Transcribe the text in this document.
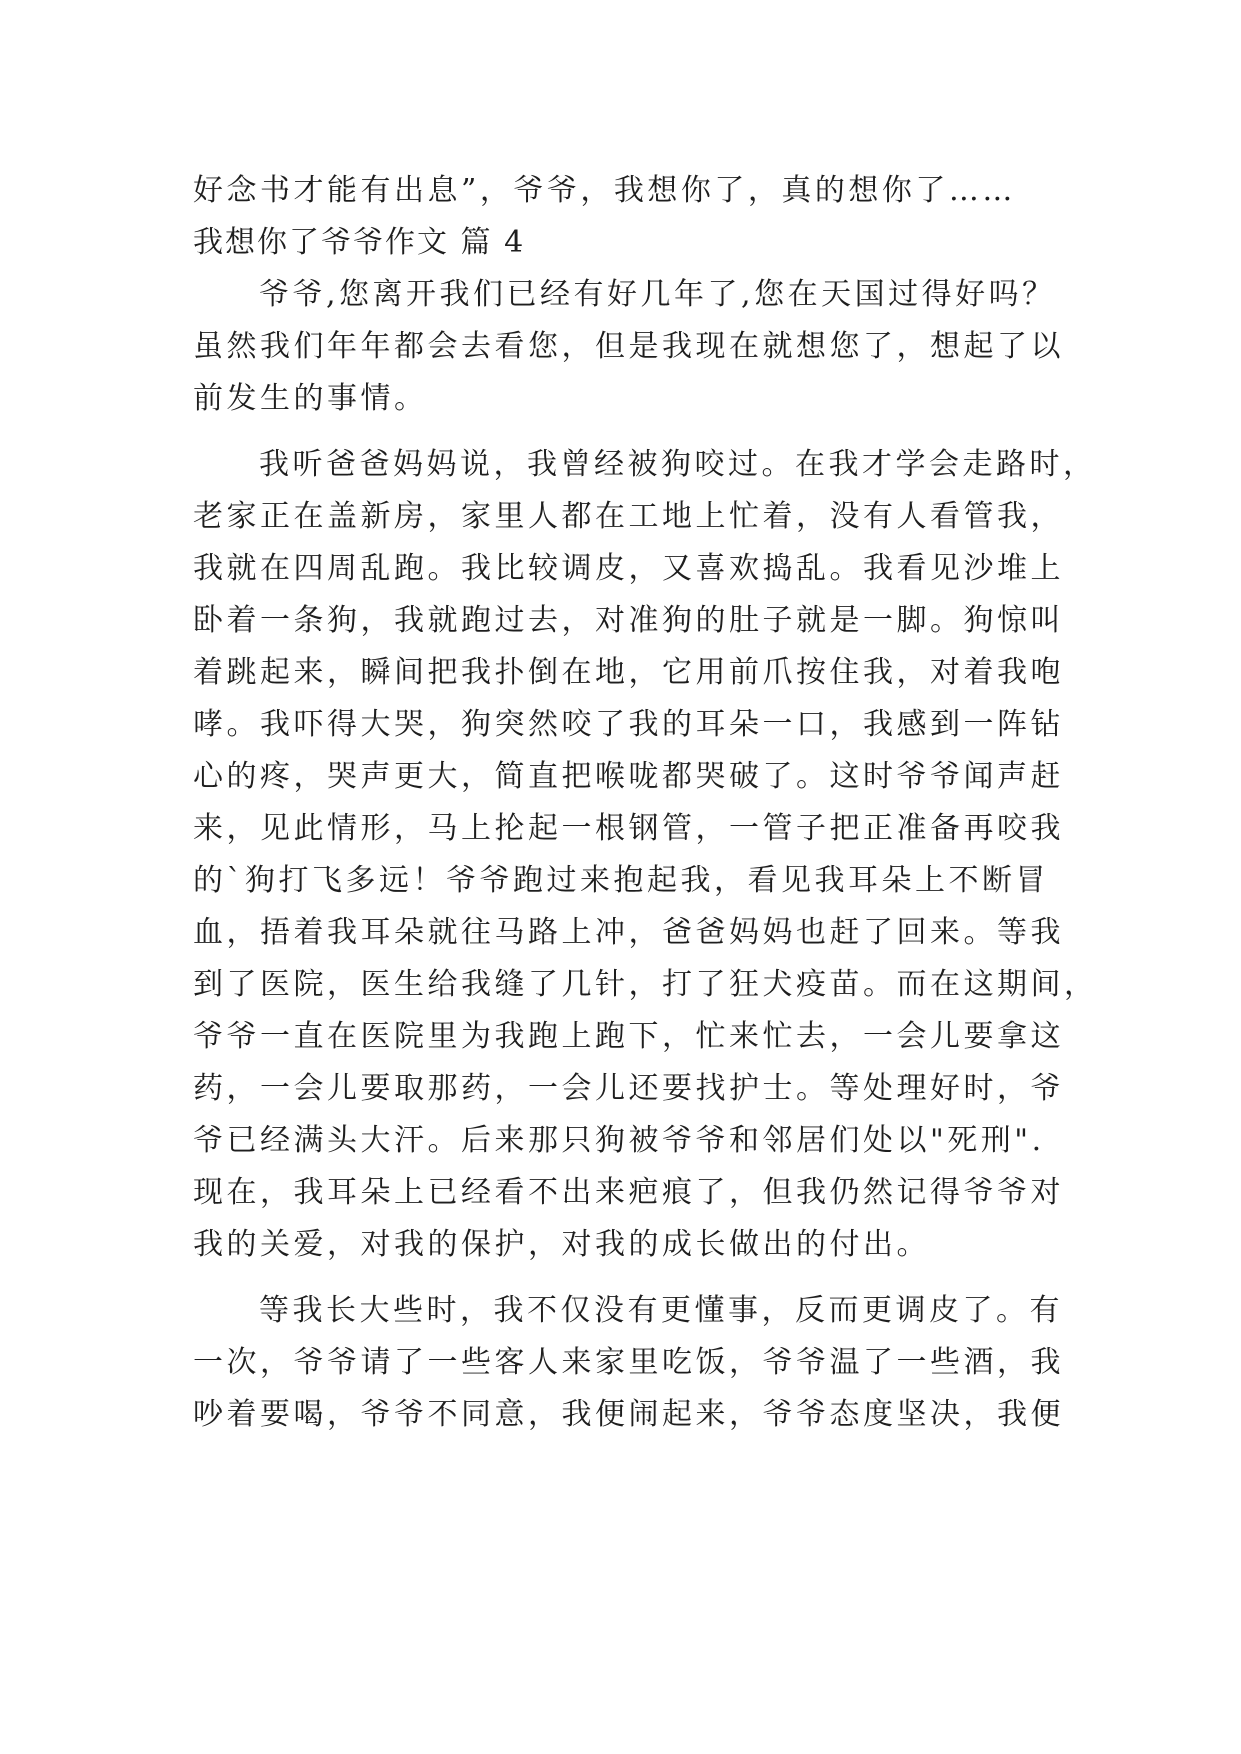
好念书才能有出息”，爷爷，我想你了，真的想你了……
我想你了爷爷作文 篇 4
爷爷,您离开我们已经有好几年了,您在天国过得好吗？
虽然我们年年都会去看您，但是我现在就想您了，想起了以
前发生的事情。
我听爸爸妈妈说，我曾经被狗咬过。在我才学会走路时，
老家正在盖新房，家里人都在工地上忙着，没有人看管我，
我就在四周乱跑。我比较调皮，又喜欢捣乱。我看见沙堆上
卧着一条狗，我就跑过去，对准狗的肚子就是一脚。狗惊叫
着跳起来，瞬间把我扑倒在地，它用前爪按住我，对着我咆
哮。我吓得大哭，狗突然咬了我的耳朵一口，我感到一阵钻
心的疼，哭声更大，简直把喉咙都哭破了。这时爷爷闻声赶
来，见此情形，马上抡起一根钢管，一管子把正准备再咬我
的`狗打飞多远！爷爷跑过来抱起我，看见我耳朵上不断冒
血，捂着我耳朵就往马路上冲，爸爸妈妈也赶了回来。等我
到了医院，医生给我缝了几针，打了狂犬疫苗。而在这期间，
爷爷一直在医院里为我跑上跑下，忙来忙去，一会儿要拿这
药，一会儿要取那药，一会儿还要找护士。等处理好时，爷
爷已经满头大汗。后来那只狗被爷爷和邻居们处以"死刑".
现在，我耳朵上已经看不出来疤痕了，但我仍然记得爷爷对
我的关爱，对我的保护，对我的成长做出的付出。
等我长大些时，我不仅没有更懂事，反而更调皮了。有
一次，爷爷请了一些客人来家里吃饭，爷爷温了一些酒，我
吵着要喝，爷爷不同意，我便闹起来，爷爷态度坚决，我便
